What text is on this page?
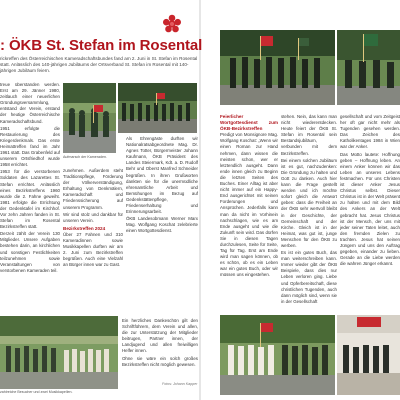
: ÖKB St. Stefan im Rosental
rickreffen des Österreichischen Kameradschaftsbundes fand am 2. Juni in St. Stefan im Rosental statt. Anlässlich des 140-jährigen Jubiläums der Ortsverband St. Stefan im Rosental mit 140-jährigen Jubiläum feiern.

treue überstanden werden. Erst am 29. Jänner 1980, zeitlauch einer neuerlichen Gründungsversammlung, entstand der Verein, erstand der heutige Österreichische Kameradschaftsbund.

1951 erfolgte die Restaurierung des Kriegerdenkmals. Das erste Heimattreffen fand im Jahr 1961 statt. Das Grabenfeld auf unserem Ortsfriedhof wurde 1958 errichtet.

1953 für die verstorbenen Soldaten des Lazarettes St. Stefan errichtet. Anlässlich eines Bezirkstreffens 1960 wurde die 2. Fahne geweiht. 1981 erfolgte die Errichtung der Gedenktafel im Kirchhof. Vor zehn Jahren fanden in St. Stefan im Rosental Bezirkstreffen statt.

Derzeit zählt der Verein 130 Mitglieder. Unsere Aufgaben bestehen darin, an kirchlichen und sonstigen Festlichkeiten teilzunehmen sowie Veranstaltungen von verstorbenen Kameraden teil.

Aufmarsch der Kameraden.

zunehmen. Außerdem steht Traditionspflege, Förderung der Völkerverständigung, Erhaltung von Denkmälern, Kameradschaft und Friedenssicherung auf unserem Programm.

Wir sind stolz und dankbar für unseren Verein.

Bezirkstreffen 2024

Über 27 Fahnen und 310 Kameradinnen sowie Musikkapellen durften wir am 2. Juni zum Bezirkstreffen begrüßen. Auch eine Vielzahl an Bürger innen war zu Gast.

Als Ehrengäste durften wir Nationalratsabgeordnete Mag. Dr. Agnes Totter, Bürgermeister Johann Kaufmann, ÖKB Präsident des Landes Steiermark, Kdt. a. D. Rudolf Behr und Oberst Manfred Schneider begrüßen. In ihren Grußworten dankten sie für die unermüdliche ehrenamtliche Arbeit und Bemühungen im Bezug auf Gedenkstättenpflege, Friedenserhaltung und Erinnerungsarbeit.

ÖKB Landesobmann Werner Marx Mag. Wolfgang Koschat zelebrierte einen Wortgottesdienst.

zahlreiche Besucher und zwei Musikkapellen.

Ein herzliches Dankeschön gilt den Schriftführern, dem Verein und allen, die zur Unterstützung der Mitglieder beitrugen, Partner innen, der Landjugend und allen freiwilligen Helfer innen.

Ohne sie wäre ein solch großes Bezirkstreffen nicht möglich gewesen.

Fotos: Johann Kapper
Feierlicher Wortgottesdienst zum ÖKB-Bezirkstreffen

Predigt von Monsignore Mag. Wolfgang Koschat: „Wenn wir einen Roman zur Hand nehmen, dann wissen die meisten schon, wer er letztendlich ausgeht. Dann ende innen gleich zu Beginn die letzten Seiten des Buches. Einer Alltag ist aber nicht immer auf ein Happy-End ausgerichtet mit seinen Forderungen und Ansprüchen. Jederfalls kann man da nicht im Vorhinein nachschlagen, wie es am Ende ausgeht und wie die Zukunft sein wird. Das dürfen Sie in diesen Tagen durchzulesen, Seite für Seite, Tag für Tag. Erst am Ende wird man sagen können, ob es schön, ob es ein Leben war ein gutes Buch, oder wir müssen uns eingestehen.

stehen. Nein, das kann man nicht wiederentdecken. Heute feiert der ÖKB St. Stefan im Rosental sein Bestandsjubiläum, verbunden mit dem Bezirkstreffen.

Bei einem solchen Jubiläum ist es gut, nachzudenken: Die Gründung zu halten und Gott zu danken. Auch hier kann die Frage gestellt werden und ich möchte sofort gleich die Antwort geben: dass die Freiheit an der ÖKB sehr wertvoll bleibt in der Geschichte, der Gemeinschaft und der Kirche. Gleich ist in der Heimat, was gut ist, junge Menschen für den ÖKB zu werben.

Es ist ein gutes Buch, das man weiterschreiben kann. Immer wieder gibt der ÖKB Beispiele, dass dies nur Leben verloren ging. Liebe und Opferbereitschaft, diese christlichen Tugenden, auch dann möglich sind, wenn sie in der Gesellschaft

gesellschaft und vom Zeitgeist her oft gar nicht mehr als Tugenden gesehen werden. Das Zeichen des Katholikentages 1984 in Wien war der Anker.

Das Motto lautete: Hoffnung geben – Hoffnung leben. An einem Anker können wir das Leben an unseres Lebens festmachen. Für uns Christen ist dieser Anker Jesus Christus selbst. Dieser Christus ist in der Welt präsent zu halten und mit dem Bild des Ankers an der Welt gebracht hat. Jesus Christus ist der Mensch, der uns mit jeder seiner Taten leitet, auch den fremden Zielen zu trachten. Jesus hat seinen Jüngern und uns den Auftrag gegeben, einander zu lieben. Gerade an die Liebe werden die wahren Jünger erkannt.
